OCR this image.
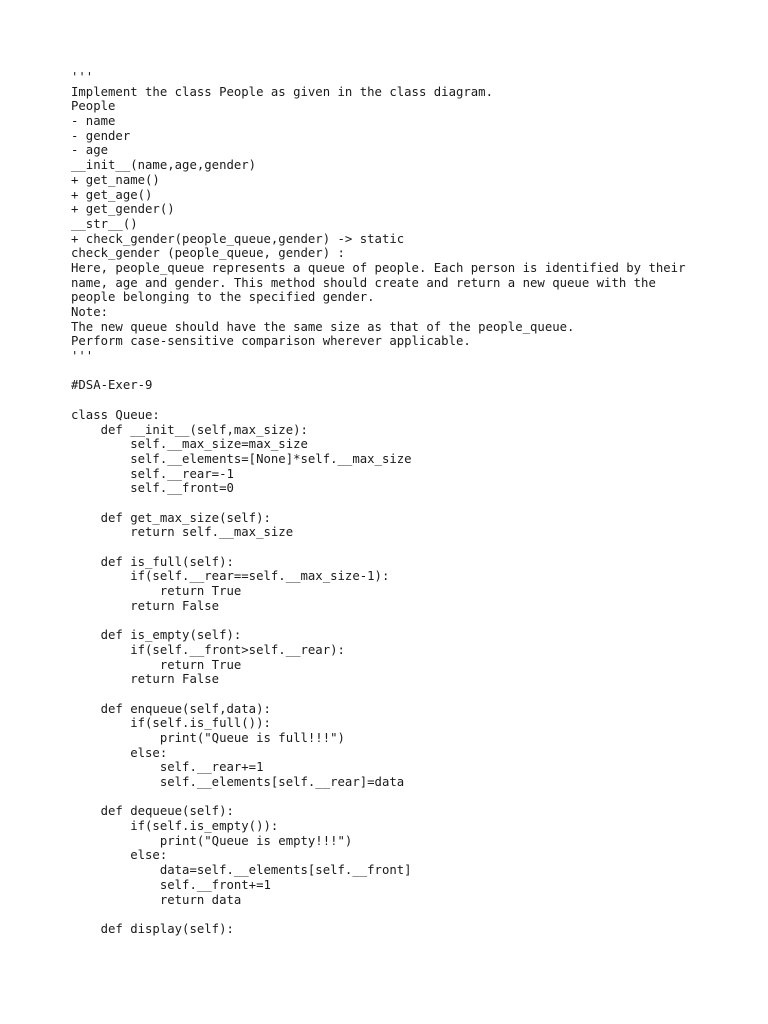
'''
Implement the class People as given in the class diagram.
People
- name
- gender
- age
__init__(name,age,gender)
+ get_name()
+ get_age()
+ get_gender()
__str__()
+ check_gender(people_queue,gender) -> static
check_gender (people_queue, gender) :
Here, people_queue represents a queue of people. Each person is identified by their
name, age and gender. This method should create and return a new queue with the
people belonging to the specified gender.
Note:
The new queue should have the same size as that of the people_queue.
Perform case-sensitive comparison wherever applicable.
'''
#DSA-Exer-9
class Queue:
def __init__(self,max_size):
self.__max_size=max_size
self.__elements=[None]*self.__max_size
self.__rear=-1
self.__front=0
def get_max_size(self):
return self.__max_size
def is_full(self):
if(self.__rear==self.__max_size-1):
return True
return False
def is_empty(self):
if(self.__front>self.__rear):
return True
return False
def enqueue(self,data):
if(self.is_full()):
print("Queue is full!!!")
else:
self.__rear+=1
self.__elements[self.__rear]=data
def dequeue(self):
if(self.is_empty()):
print("Queue is empty!!!")
else:
data=self.__elements[self.__front]
self.__front+=1
return data
def display(self):
